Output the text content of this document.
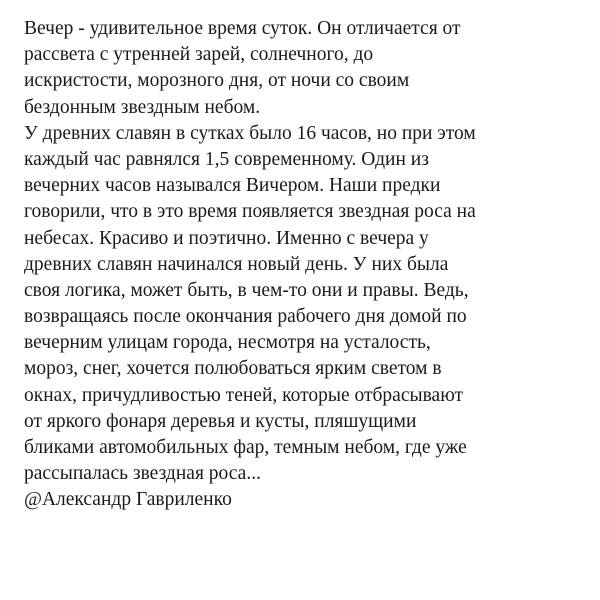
Вечер - удивительное время суток. Он отличается от
рассвета с утренней зарей, солнечного, до
искристости, морозного дня, от ночи со своим
бездонным звездным небом.
У древних славян в сутках было 16 часов, но при этом
каждый час равнялся 1,5 современному. Один из
вечерних часов назывался Вичером. Наши предки
говорили, что в это время появляется звездная роса на
небесах. Красиво и поэтично. Именно с вечера у
древних славян начинался новый день. У них была
своя логика, может быть, в чем-то они и правы. Ведь,
возвращаясь после окончания рабочего дня домой по
вечерним улицам города, несмотря на усталость,
мороз, снег, хочется полюбоваться ярким светом в
окнах, причудливостью теней, которые отбрасывают
от яркого фонаря деревья и кусты, пляшущими
бликами автомобильных фар, темным небом, где уже
рассыпалась звездная роса...
@Александр Гавриленко
